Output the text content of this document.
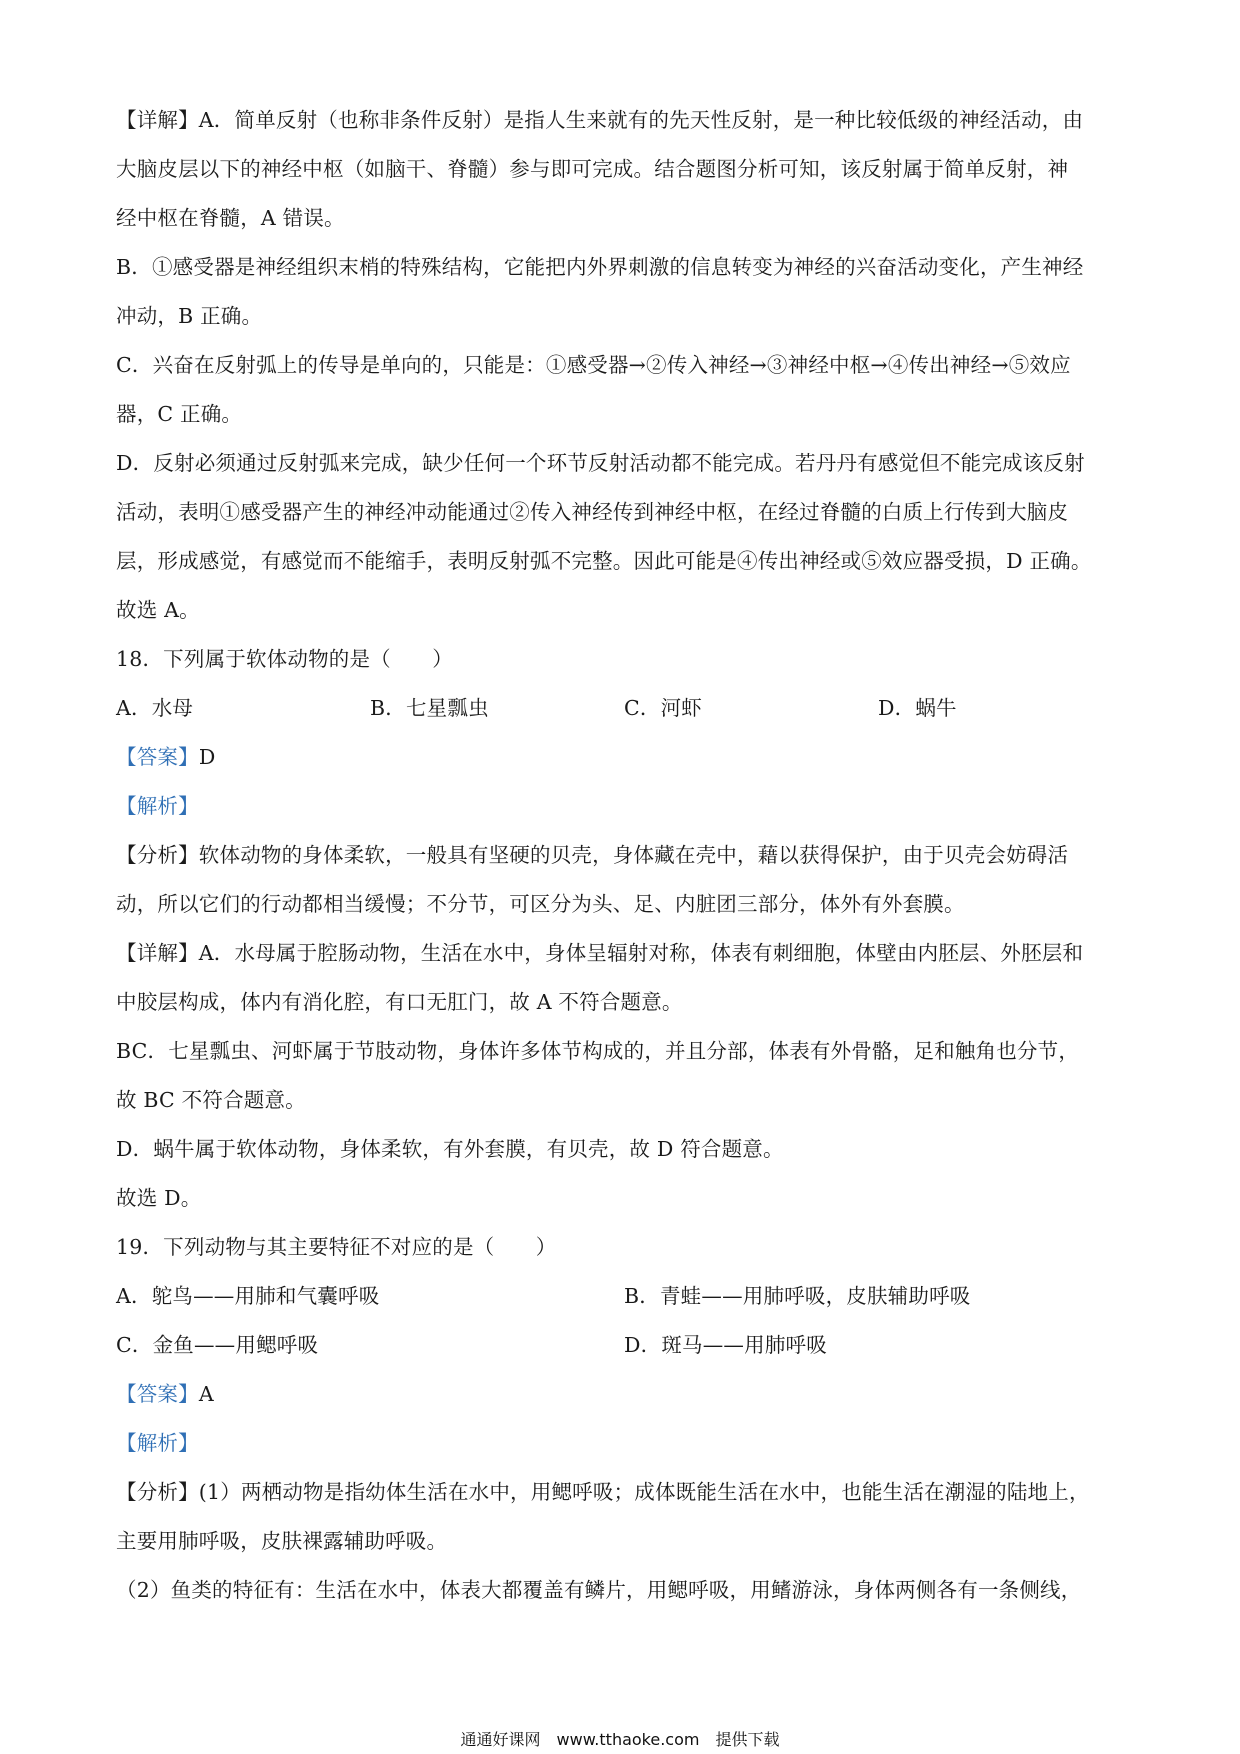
【详解】A．简单反射（也称非条件反射）是指人生来就有的先天性反射，是一种比较低级的神经活动，由
大脑皮层以下的神经中枢（如脑干、脊髓）参与即可完成。结合题图分析可知，该反射属于简单反射，神
经中枢在脊髓，A 错误。
B．①感受器是神经组织末梢的特殊结构，它能把内外界刺激的信息转变为神经的兴奋活动变化，产生神经
冲动，B 正确。
C．兴奋在反射弧上的传导是单向的，只能是：①感受器→②传入神经→③神经中枢→④传出神经→⑤效应
器，C 正确。
D．反射必须通过反射弧来完成，缺少任何一个环节反射活动都不能完成。若丹丹有感觉但不能完成该反射
活动，表明①感受器产生的神经冲动能通过②传入神经传到神经中枢，在经过脊髓的白质上行传到大脑皮
层，形成感觉，有感觉而不能缩手，表明反射弧不完整。因此可能是④传出神经或⑤效应器受损，D 正确。
故选 A。
18．下列属于软体动物的是（　　）
A．水母	B．七星瓢虫	C．河虾	D．蜗牛
【答案】D
【解析】
【分析】软体动物的身体柔软，一般具有坚硬的贝壳，身体藏在壳中，藉以获得保护，由于贝壳会妨碍活
动，所以它们的行动都相当缓慢；不分节，可区分为头、足、内脏团三部分，体外有外套膜。
【详解】A．水母属于腔肠动物，生活在水中，身体呈辐射对称，体表有刺细胞，体壁由内胚层、外胚层和
中胶层构成，体内有消化腔，有口无肛门，故 A 不符合题意。
BC．七星瓢虫、河虾属于节肢动物，身体许多体节构成的，并且分部，体表有外骨骼，足和触角也分节，
故 BC 不符合题意。
D．蜗牛属于软体动物，身体柔软，有外套膜，有贝壳，故 D 符合题意。
故选 D。
19．下列动物与其主要特征不对应的是（　　）
A．鸵鸟——用肺和气囊呼吸	B．青蛙——用肺呼吸，皮肤辅助呼吸
C．金鱼——用鳃呼吸	D．斑马——用肺呼吸
【答案】A
【解析】
【分析】(1）两栖动物是指幼体生活在水中，用鳃呼吸；成体既能生活在水中，也能生活在潮湿的陆地上，
主要用肺呼吸，皮肤裸露辅助呼吸。
（2）鱼类的特征有：生活在水中，体表大都覆盖有鳞片，用鳃呼吸，用鳍游泳，身体两侧各有一条侧线，
通通好课网　www.tthaoke.com　提供下载
